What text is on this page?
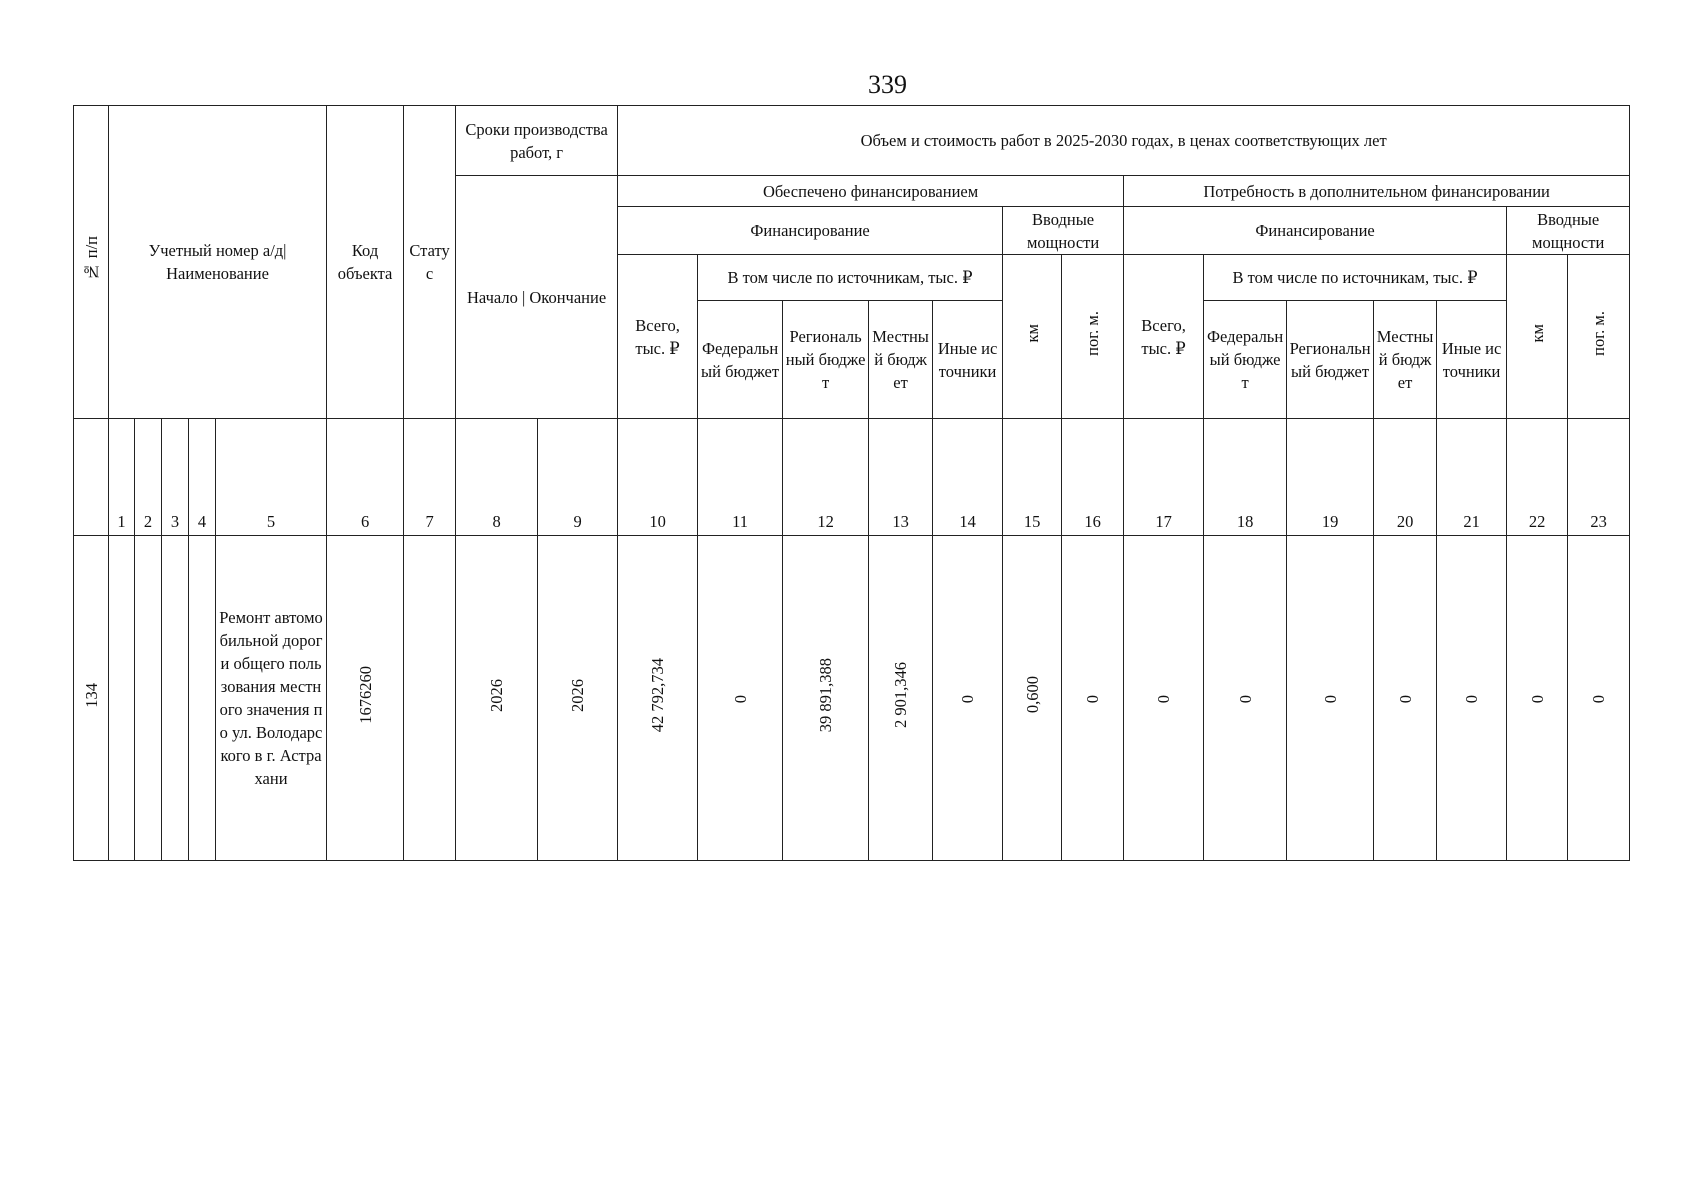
339
№ п/п	Учетный номер а/д| Наименование					Код объекта	Статус	Сроки производства работ, г		Объем и стоимость работ в 2025-2030 годах, в ценах соответствующих лет													
								Начало | Окончание		Обеспечено финансированием							Потребность в дополнительном финансировании						
										Финансирование					Вводные мощности		Финансирование					Вводные мощности	
										Всего, тыс. ₽	В том числе по источникам, тыс. ₽				км	пог. м.	Всего, тыс. ₽	В том числе по источникам, тыс. ₽				км	пог. м.
											Федеральный бюджет	Региональный бюджет	Местный бюджет	Иные источники				Федеральный бюджет	Региональный бюджет	Местный бюджет	Иные источники		
	1	2	3	4	5	6	7	8	9	10	11	12	13	14	15	16	17	18	19	20	21	22	23
134					Ремонт автомобильной дороги общего пользования местного значения по ул. Володарского в г. Астрахани	1676260		2026	2026	42 792,734	0	39 891,388	2 901,346	0	0,600	0	0	0	0	0	0	0	0
